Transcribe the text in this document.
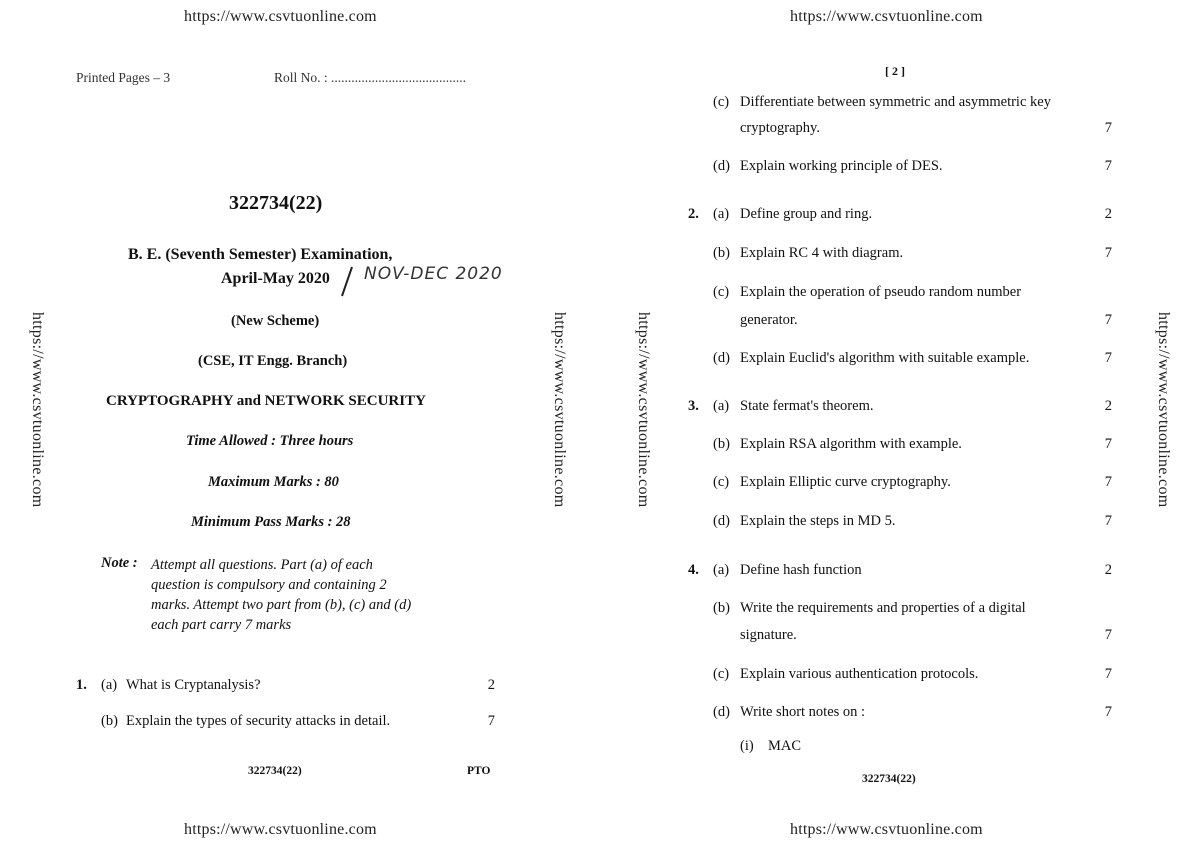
https://www.csvtuonline.com	https://www.csvtuonline.com
https://www.csvtuonline.com	https://www.csvtuonline.com
https://www.csvtuonline.com	https://www.csvtuonline.com	https://www.csvtuonline.com	https://www.csvtuonline.com
Printed Pages – 3	Roll No. : ........................................
322734(22)
B. E. (Seventh Semester) Examination,
April-May 2020 NOV-DEC 2020
(New Scheme)
(CSE, IT Engg. Branch)
CRYPTOGRAPHY and NETWORK SECURITY
Time Allowed : Three hours
Maximum Marks : 80
Minimum Pass Marks : 28
Note : Attempt all questions. Part (a) of each
question is compulsory and containing 2
marks. Attempt two part from (b), (c) and (d)
each part carry 7 marks
1. (a) What is Cryptanalysis?	2
(b) Explain the types of security attacks in detail.	7
322734(22)	PTO
[ 2 ]
(c) Differentiate between symmetric and asymmetric key
cryptography.	7
(d) Explain working principle of DES.	7
2. (a) Define group and ring.	2
(b) Explain RC 4 with diagram.	7
(c) Explain the operation of pseudo random number
generator.	7
(d) Explain Euclid's algorithm with suitable example.	7
3. (a) State fermat's theorem.	2
(b) Explain RSA algorithm with example.	7
(c) Explain Elliptic curve cryptography.	7
(d) Explain the steps in MD 5.	7
4. (a) Define hash function	2
(b) Write the requirements and properties of a digital
signature.	7
(c) Explain various authentication protocols.	7
(d) Write short notes on :	7
(i) MAC
322734(22)
